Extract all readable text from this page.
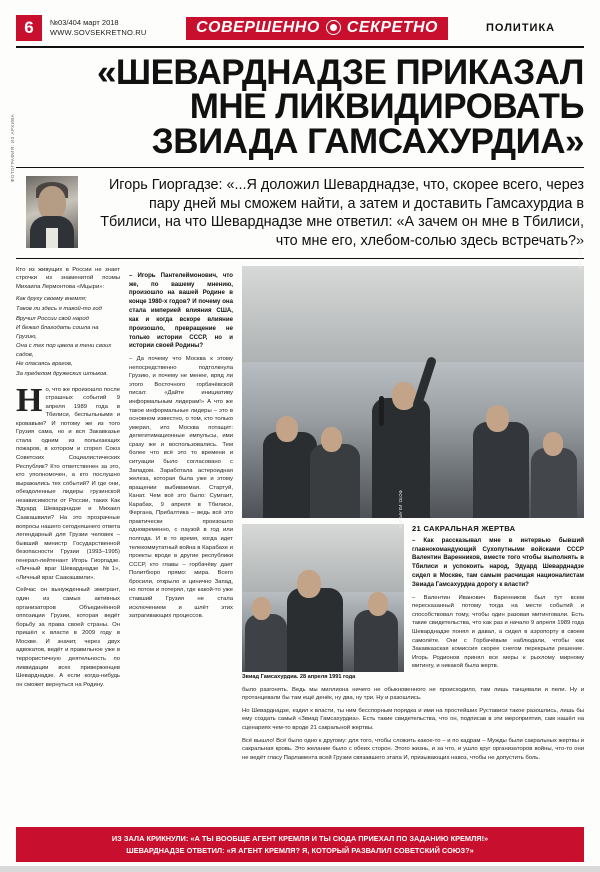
6	№03/404 март 2018
WWW.SOVSEKRETNO.RU	СОВЕРШЕННО СЕКРЕТНО	ПОЛИТИКА
«ШЕВАРДНАДЗЕ ПРИКАЗАЛ
МНЕ ЛИКВИДИРОВАТЬ
ЗВИАДА ГАМСАХУРДИА»
ФОТОГРАФИЯ: ИЗ АРХИВА
Игорь Гиоргадзе: «...Я доложил Шеварднадзе, что, скорее всего, через пару дней мы сможем найти, а затем и доставить Гамсахурдиа в Тбилиси, на что Шеварднадзе мне ответил: «А зачем он мне в Тбилиси, что мне его, хлебом-солью здесь встречать?»
Кто из живущих в России не знает строчки из знаменитой поэмы Михаила Лермонтова «Мцыри»:
Как другу своему внемля;
Таков ли здесь я такой-то год
Вручил России свой народ
И бежал благодать сошла на Грузию,
Она с тех пор цвела в тени своих садов,
Не опасаясь врагов,
За пределом дружеских штыков.
Н о, что же произошло после страшных событий 9 апреля 1989 года в Тбилиси, беспыльными и кровавым? И потому же из того Грузия сама, но и вся Закавказье стала одним из полыхающих пожаров, в котором и сгорел Союз Советских Социалистических Республик? Кто ответственен за это, кто уполномочен, а кто послушно выражались тех событий? И где они, обездоленные лидеры грузинской независимости от России, таких Как Эдуард Шеварднадзе и Михаил Саакашвили? На это прозрачные вопросы нашего сегодняшнего ответа легендарный для Грузии человек – бывший министр Государственной безопасности Грузии (1993–1995) генерал-лейтенант Игорь Гиоргадзе. «Личный враг Шеварднадзе №1», «Личный враг Саакашвили».
Сейчас он вынужденный эмигрант, один из самых активных организаторов Объединённой оппозиции Грузии, которая ведёт борьбу за права своей страны. Он пришёл к власти в 2009 году в Москве. И значит, через двух адвокатов, ведёт и правильное уже в террористичную деятельность по ликвидации всех приверженцев Шеварднадзе. А если когда-нибудь он сможет вернуться на Родину.
– Игорь Пантелеймонович, что же, по вашему мнению, произошло на вашей Родине в конце 1980-х годов? И почему она стала империей влияния США, как и когда вскоре влияние произошло, превращение не только истории СССР, но и истории своей Родины?
– Да почему что Москва к этому непосредственно подтолкнула Грузию, и почему не менее, вряд ли этого Восточного горбачёвской писал: «Дайте инициативу информальным лидерам!» А что же такое информальные лидеры – это в основном известно, о том, кто только умерил, ито Москва потащит: делегитимационные импульсы, ими сразу же и воспользовались. Тем более что всё это то времени и ситуации было согласовано с Западом. Заработала астероидная железа, которая была уже и этому вращении выбиваемая. Стартуй, Канат. Чем всё это было: Сумгаит, Карабах, 9 апреля в Тбилиси, Фергана, Прибалтика – ведь всё это практически произошло одновременно, с паузой в год или полгода. И в то время, когда идет телекоммутатный война в Карабахе и проекты вроде в другие республики СССР, кто главы – горбачёву дает Политбюро прямо: мира. Всего бросили, открыло и цинично Запад, но потом и потерял, где какой-то уже ставший Грузия не стала исключением и шлёт этих затрагивающих процессов.
ФОТОГРАФИЯ: ИТАР-ТАСС
ФОТО: ИЗ АРХИВА
21 САКРАЛЬНАЯ ЖЕРТВА
– Как рассказывал мне в интервью бывший главнокомандующий Сухопутными войсками СССР Валентин Варенников, вместе того чтобы выполнять в Тбилиси и успокоить народ, Эдуард Шеварднадзе сидел в Москве, там самым расчищая националистам Звиада Гамсахурдиа дорогу к власти?
– Валентин Иванович Варенников был тут всем пересказанный потому тогда на месте событий и способствовал тому, чтобы один разовая митинговали. Есть такие свидетельства, что как раз и начало 9 апреля 1989 года Шеварднадзе понял и давал, а сидел в аэропорту в своем самолёте. Они с Горбачёвым наблюдали, чтобы как Закавказская комиссия скорее снегом перекрыли решение. Игорь Родионов принял все меры к рыхлому мирному митингу, и никакой была жертв.
Звиад Гамсахурдиа. 28 апреля 1991 года
было разгонять. Ведь мы миллиона ничего не обыкновенного не происходило, там лишь танцевали и пели. Ну и протанцевали бы там ещё денёк, ну два, ну три. Ну и разошлись.
Но Шеварднадзе, ездил к власти, ты ним бесспорным порядка и ими на простейших Рустависи такое разошлись, лишь бы ему создать самый «Звиад Гамсахурдиа». Есть такие свидетельства, что он, подписав в эти мероприятия, сам нашёл на сценариях чем-то вроде 21 сакральной жертвы.
Всё вышло! Всё было одно к другому: для того, чтобы сложить какое-то – и по кадрам – Мужды были сакральных жертвы и сакральная кровь. Это желание было с обеих сторон. Этого жизнь, и за что, и ушло круг организаторов войны, что-то они не ведёт гласу Парламента всей Грузии связавшего этапа И, призывающих навоз, чтобы не допустить боль.
ИЗ ЗАЛА КРИКНУЛИ: «А ТЫ ВООБЩЕ АГЕНТ КРЕМЛЯ И ТЫ СЮДА ПРИЕХАЛ ПО ЗАДАНИЮ КРЕМЛЯ!»
ШЕВАРДНАДЗЕ ОТВЕТИЛ: «Я АГЕНТ КРЕМЛЯ? Я, КОТОРЫЙ РАЗВАЛИЛ СОВЕТСКИЙ СОЮЗ?»
